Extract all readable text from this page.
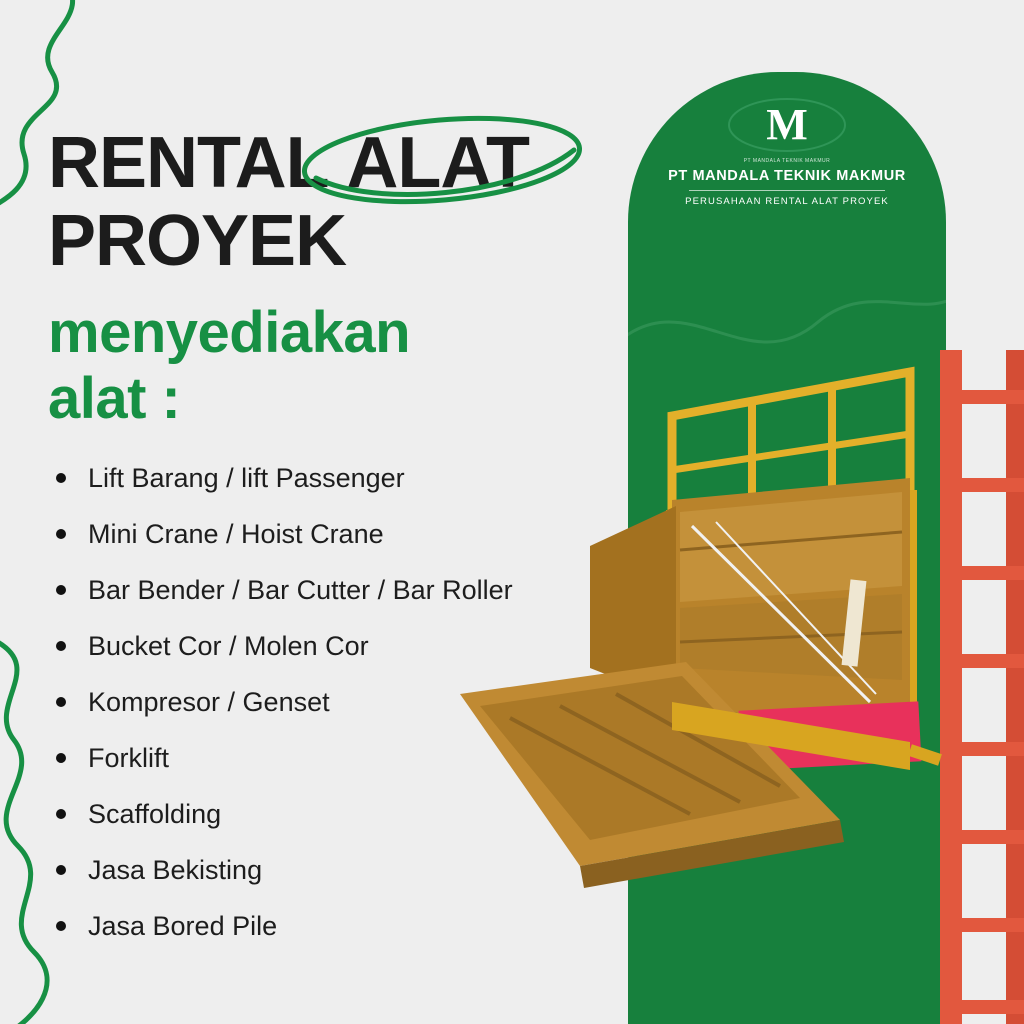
M
PT MANDALA TEKNIK MAKMUR
PT MANDALA TEKNIK MAKMUR
PERUSAHAAN RENTAL ALAT PROYEK
RENTAL ALAT
PROYEK
menyediakan
alat :
Lift Barang / lift Passenger
Mini Crane / Hoist Crane
Bar Bender / Bar Cutter / Bar Roller
Bucket Cor / Molen Cor
Kompresor / Genset
Forklift
Scaffolding
Jasa Bekisting
Jasa Bored Pile
